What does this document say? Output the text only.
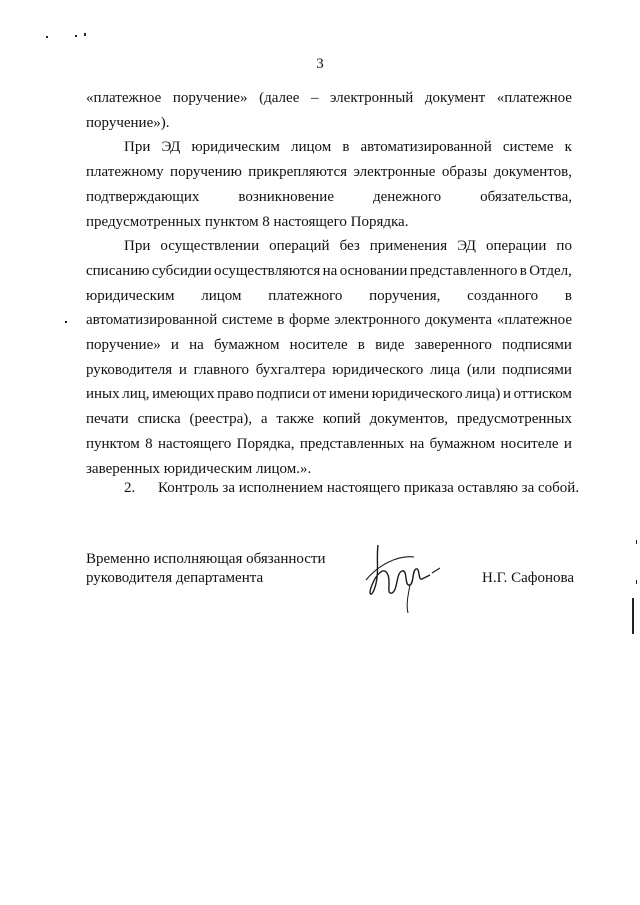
3
«платежное поручение» (далее – электронный документ «платежное
поручение»).
При ЭД юридическим лицом в автоматизированной системе к
платежному поручению прикрепляются электронные образы документов,
подтверждающих	возникновение	денежного	обязательства,
предусмотренных пунктом 8 настоящего Порядка.
При осуществлении операций без применения ЭД операции по
списанию субсидии осуществляются на основании представленного в Отдел,
юридическим лицом платежного поручения, созданного в
автоматизированной системе в форме электронного документа «платежное
поручение» и на бумажном носителе в виде заверенного подписями
руководителя и главного бухгалтера юридического лица (или подписями
иных лиц, имеющих право подписи от имени юридического лица) и оттиском
печати списка (реестра), а также копий документов, предусмотренных
пунктом 8 настоящего Порядка, представленных на бумажном носителе и
заверенных юридическим лицом.».
2. Контроль за исполнением настоящего приказа оставляю за собой.
Временно исполняющая обязанности
руководителя департамента	Н.Г. Сафонова
